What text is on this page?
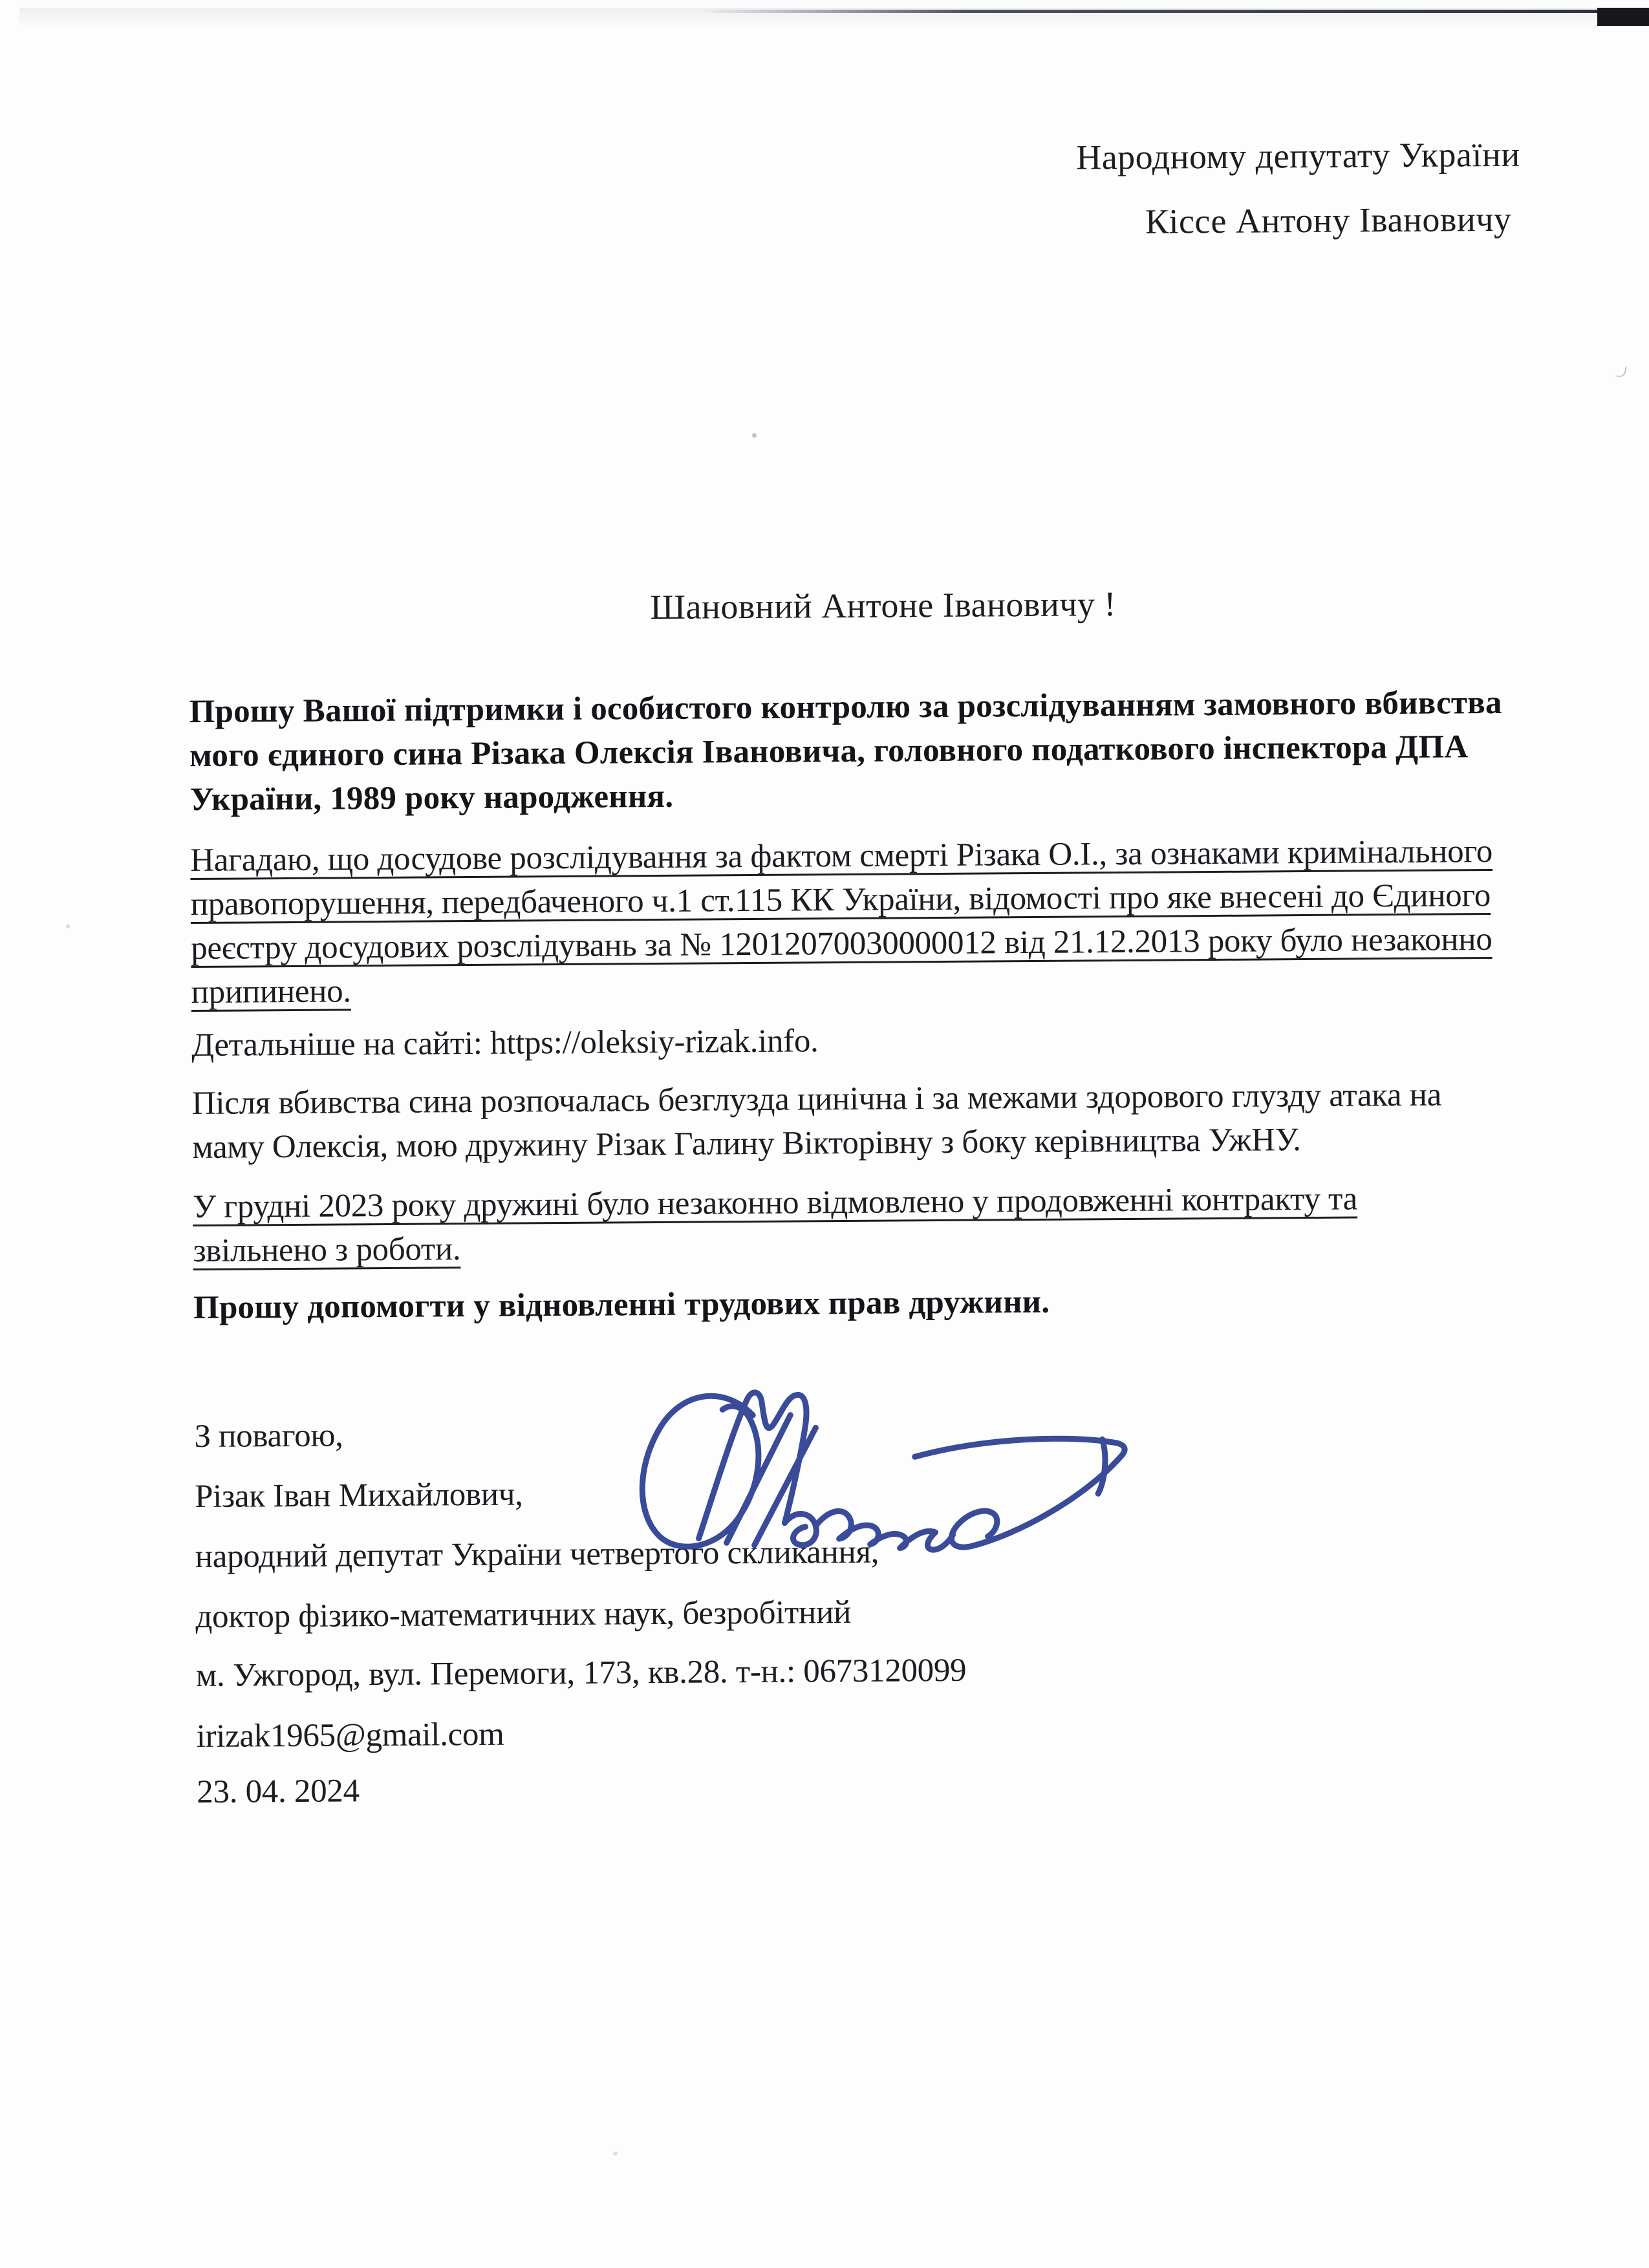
Народному депутату України
Кіссе Антону Івановичу
Шановний Антоне Івановичу !
Прошу Вашої підтримки і особистого контролю за розслідуванням замовного вбивства
мого єдиного сина Різака Олексія Івановича, головного податкового інспектора ДПА
України, 1989 року народження.
Нагадаю, що досудове розслідування за фактом смерті Різака О.І., за ознаками кримінального
правопорушення, передбаченого ч.1 ст.115 КК України, відомості про яке внесені до Єдиного
реєстру досудових розслідувань за № 12012070030000012 від 21.12.2013 року було незаконно
припинено.
Детальніше на сайті: https://oleksiy-rizak.info.
Після вбивства сина розпочалась безглузда цинічна і за межами здорового глузду атака на
маму Олексія, мою дружину Різак Галину Вікторівну з боку керівництва УжНУ.
У грудні 2023 року дружині було незаконно відмовлено у продовженні контракту та
звільнено з роботи.
Прошу допомогти у відновленні трудових прав дружини.
З повагою,
Різак Іван Михайлович,
народний депутат України четвертого скликання,
доктор фізико-математичних наук, безробітний
м. Ужгород, вул. Перемоги, 173, кв.28. т-н.: 0673120099
irizak1965@gmail.com
23. 04. 2024
